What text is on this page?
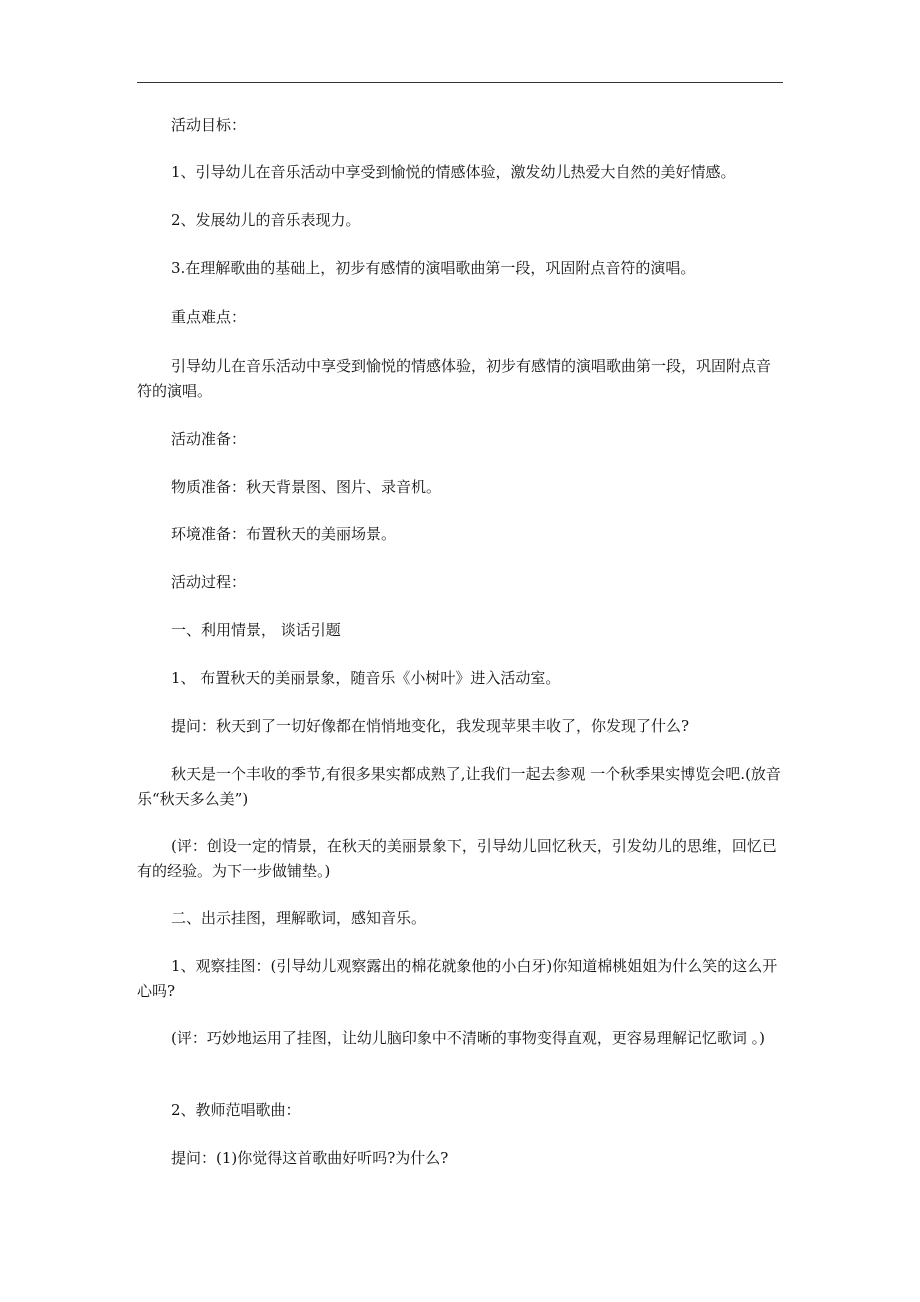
活动目标：
1、引导幼儿在音乐活动中享受到愉悦的情感体验，激发幼儿热爱大自然的美好情感。
2、发展幼儿的音乐表现力。
3.在理解歌曲的基础上，初步有感情的演唱歌曲第一段，巩固附点音符的演唱。
重点难点：
引导幼儿在音乐活动中享受到愉悦的情感体验，初步有感情的演唱歌曲第一段，巩固附点音符的演唱。
活动准备：
物质准备：秋天背景图、图片、录音机。
环境准备：布置秋天的美丽场景。
活动过程：
一、利用情景， 谈话引题
1、 布置秋天的美丽景象，随音乐《小树叶》进入活动室。
提问：秋天到了一切好像都在悄悄地变化，我发现苹果丰收了，你发现了什么?
秋天是一个丰收的季节,有很多果实都成熟了,让我们一起去参观 一个秋季果实博览会吧.(放音乐“秋天多么美”)
(评：创设一定的情景，在秋天的美丽景象下，引导幼儿回忆秋天，引发幼儿的思维，回忆已有的经验。为下一步做铺垫。)
二、出示挂图，理解歌词，感知音乐。
1、观察挂图：(引导幼儿观察露出的棉花就象他的小白牙)你知道棉桃姐姐为什么笑的这么开心吗?
(评：巧妙地运用了挂图，让幼儿脑印象中不清晰的事物变得直观，更容易理解记忆歌词 。)
2、教师范唱歌曲：
提问：(1)你觉得这首歌曲好听吗?为什么?
